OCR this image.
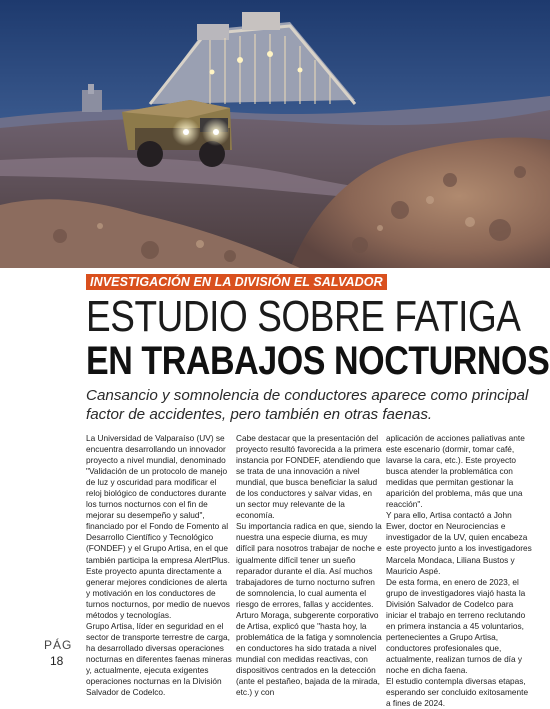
INVESTIGACIÓN EN LA DIVISIÓN EL SALVADOR
ESTUDIO SOBRE FATIGA
EN TRABAJOS NOCTURNOS

Cansancio y somnolencia de conductores aparece como principal factor de accidentes, pero también en otras faenas.

La Universidad de Valparaíso (UV) se encuentra desarrollando un innovador proyecto a nivel mundial, denominado "Validación de un protocolo de manejo de luz y oscuridad para modificar el reloj biológico de conductores durante los turnos nocturnos con el fin de mejorar su desempeño y salud", financiado por el Fondo de Fomento al Desarrollo Científico y Tecnológico (FONDEF) y el Grupo Artisa, en el que también participa la empresa AlertPlus.

Este proyecto apunta directamente a generar mejores condiciones de alerta y motivación en los conductores de turnos nocturnos, por medio de nuevos métodos y tecnologías.

Grupo Artisa, líder en seguridad en el sector de transporte terrestre de carga, ha desarrollado diversas operaciones nocturnas en diferentes faenas mineras y, actualmente, ejecuta exigentes operaciones nocturnas en la División Salvador de Codelco.

Cabe destacar que la presentación del proyecto resultó favorecida a la primera instancia por FONDEF, atendiendo que se trata de una innovación a nivel mundial, que busca beneficiar la salud de los conductores y salvar vidas, en un sector muy relevante de la economía.

Su importancia radica en que, siendo la nuestra una especie diurna, es muy difícil para nosotros trabajar de noche e igualmente difícil tener un sueño reparador durante el día. Así muchos trabajadores de turno nocturno sufren de somnolencia, lo cual aumenta el riesgo de errores, fallas y accidentes.

Arturo Moraga, subgerente corporativo de Artisa, explicó que "hasta hoy, la problemática de la fatiga y somnolencia en conductores ha sido tratada a nivel mundial con medidas reactivas, con dispositivos centrados en la detección (ante el pestañeo, bajada de la mirada, etc.) y con

aplicación de acciones paliativas ante este escenario (dormir, tomar café, lavarse la cara, etc.). Este proyecto busca atender la problemática con medidas que permitan gestionar la aparición del problema, más que una reacción".

Y para ello, Artisa contactó a John Ewer, doctor en Neurociencias e investigador de la UV, quien encabeza este proyecto junto a los investigadores Marcela Mondaca, Liliana Bustos y Mauricio Aspé.

De esta forma, en enero de 2023, el grupo de investigadores viajó hasta la División Salvador de Codelco para iniciar el trabajo en terreno reclutando en primera instancia a 45 voluntarios, pertenecientes a Grupo Artisa, conductores profesionales que, actualmente, realizan turnos de día y noche en dicha faena.

El estudio contempla diversas etapas, esperando ser concluido exitosamente a fines de 2024.

PÁG
18
